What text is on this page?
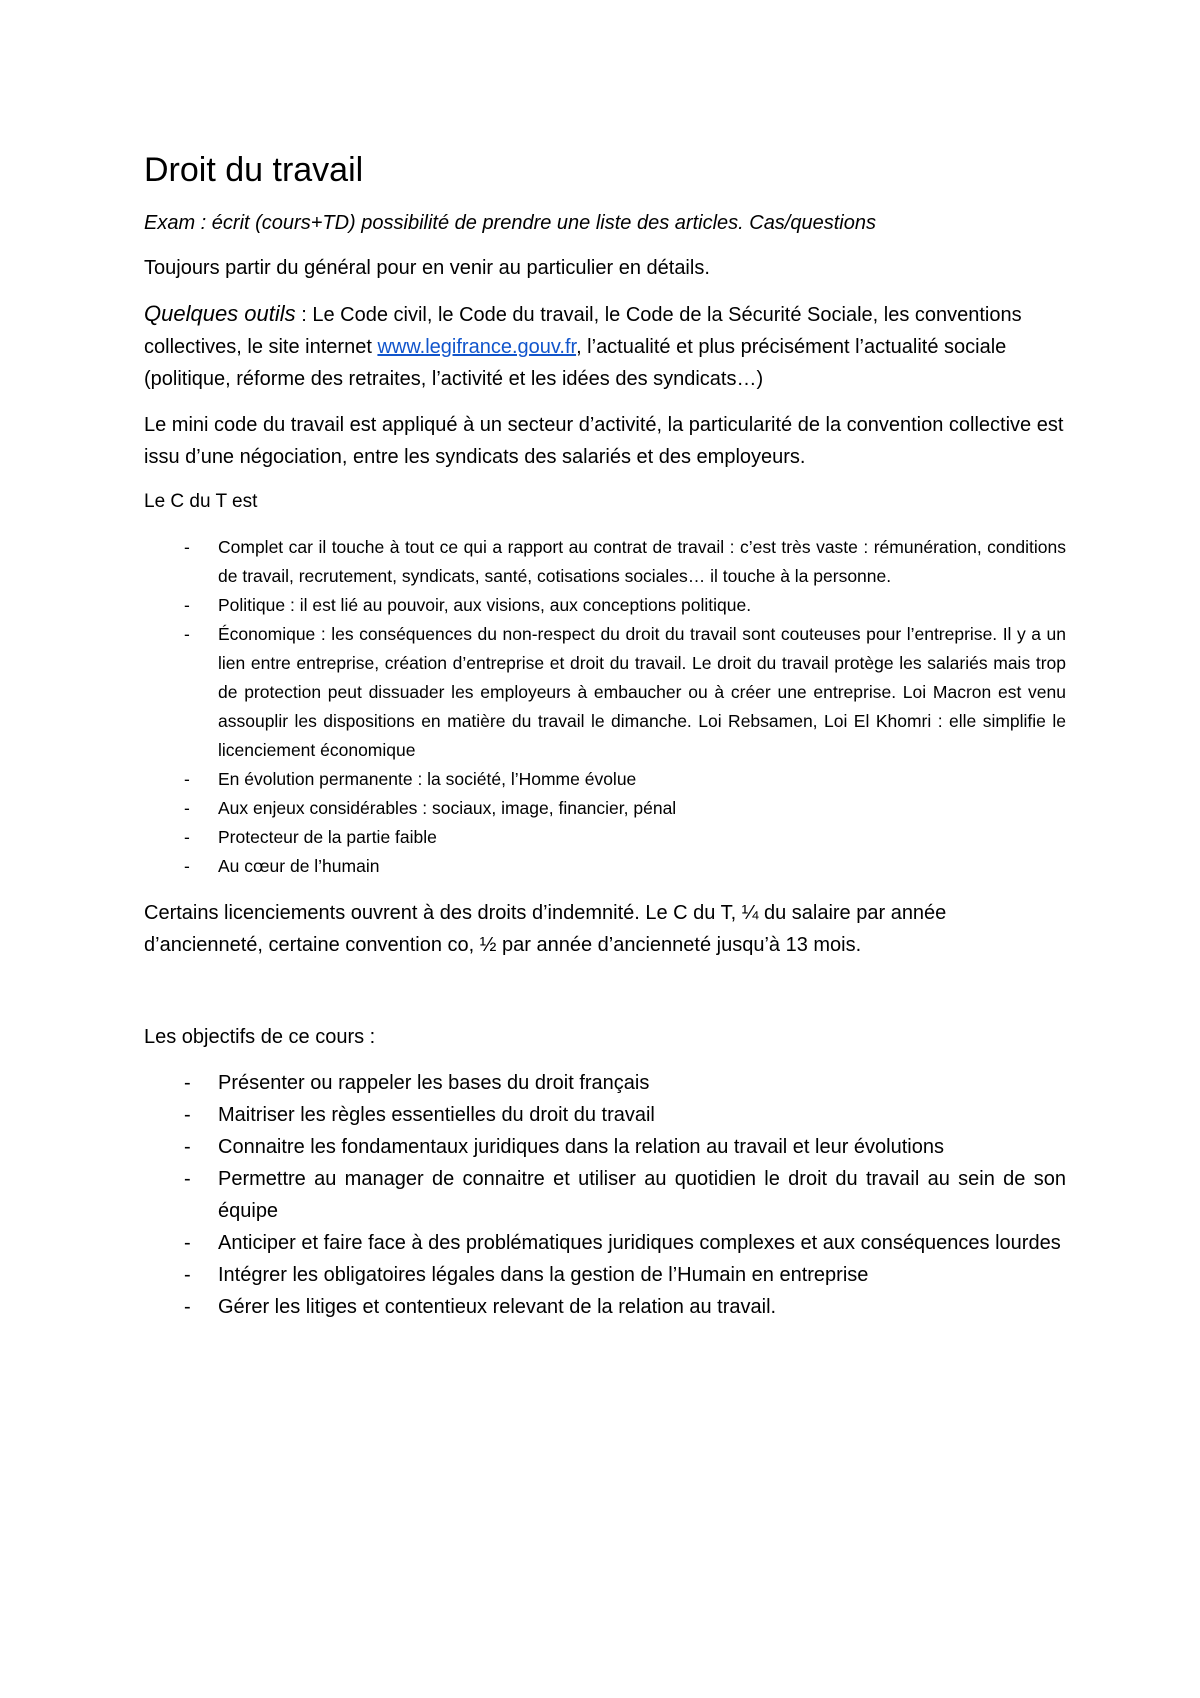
Droit du travail

Exam : écrit (cours+TD) possibilité de prendre une liste des articles. Cas/questions

Toujours partir du général pour en venir au particulier en détails.

Quelques outils : Le Code civil, le Code du travail, le Code de la Sécurité Sociale, les conventions collectives, le site internet www.legifrance.gouv.fr, l’actualité et plus précisément l’actualité sociale (politique, réforme des retraites, l’activité et les idées des syndicats…)

Le mini code du travail est appliqué à un secteur d’activité, la particularité de la convention collective est issu d’une négociation, entre les syndicats des salariés et des employeurs.

Le C du T est

- Complet car il touche à tout ce qui a rapport au contrat de travail : c’est très vaste : rémunération, conditions de travail, recrutement, syndicats, santé, cotisations sociales… il touche à la personne.
- Politique : il est lié au pouvoir, aux visions, aux conceptions politique.
- Économique : les conséquences du non-respect du droit du travail sont couteuses pour l’entreprise. Il y a un lien entre entreprise, création d’entreprise et droit du travail. Le droit du travail protège les salariés mais trop de protection peut dissuader les employeurs à embaucher ou à créer une entreprise. Loi Macron est venu assouplir les dispositions en matière du travail le dimanche. Loi Rebsamen, Loi El Khomri : elle simplifie le licenciement économique
- En évolution permanente : la société, l’Homme évolue
- Aux enjeux considérables : sociaux, image, financier, pénal
- Protecteur de la partie faible
- Au cœur de l’humain

Certains licenciements ouvrent à des droits d’indemnité. Le C du T, ¼ du salaire par année d’ancienneté, certaine convention co, ½ par année d’ancienneté jusqu’à 13 mois.

Les objectifs de ce cours :

- Présenter ou rappeler les bases du droit français
- Maitriser les règles essentielles du droit du travail
- Connaitre les fondamentaux juridiques dans la relation au travail et leur évolutions
- Permettre au manager de connaitre et utiliser au quotidien le droit du travail au sein de son équipe
- Anticiper et faire face à des problématiques juridiques complexes et aux conséquences lourdes
- Intégrer les obligatoires légales dans la gestion de l’Humain en entreprise
- Gérer les litiges et contentieux relevant de la relation au travail.
